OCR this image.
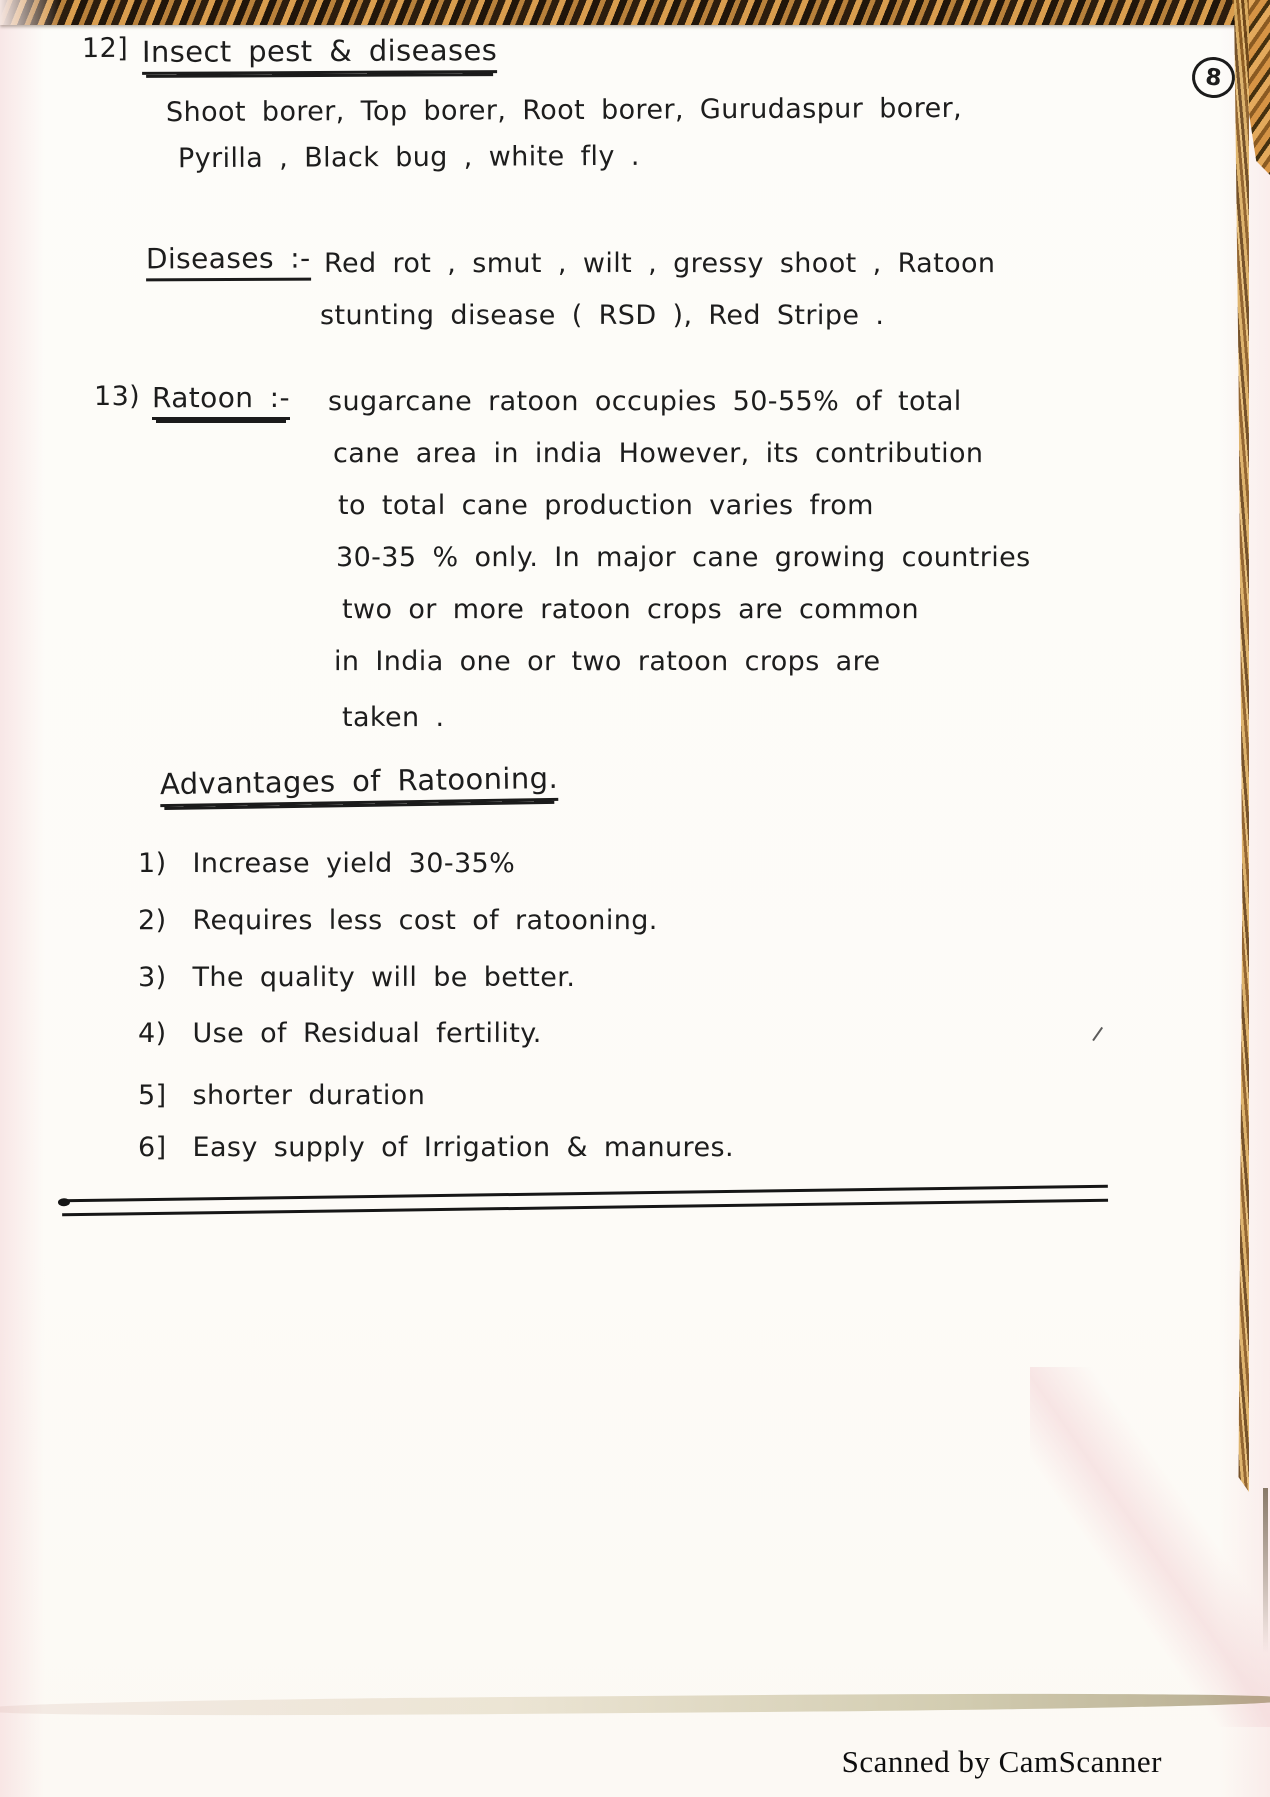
8
12] Insect pest & diseases
Shoot borer, Top borer, Root borer, Gurudaspur borer,
Pyrilla , Black bug , white fly .
Diseases :- Red rot , smut , wilt , gressy shoot , Ratoon
stunting disease ( RSD ), Red Stripe .
13) Ratoon :- sugarcane ratoon occupies 50-55% of total
cane area in india However, its contribution
to total cane production varies from
30-35 % only. In major cane growing countries
two or more ratoon crops are common
in India one or two ratoon crops are
taken .
Advantages of Ratooning.
1) Increase yield 30-35%
2) Requires less cost of ratooning.
3) The quality will be better.
4) Use of Residual fertility.
5] shorter duration
6] Easy supply of Irrigation & manures.
Scanned by CamScanner
